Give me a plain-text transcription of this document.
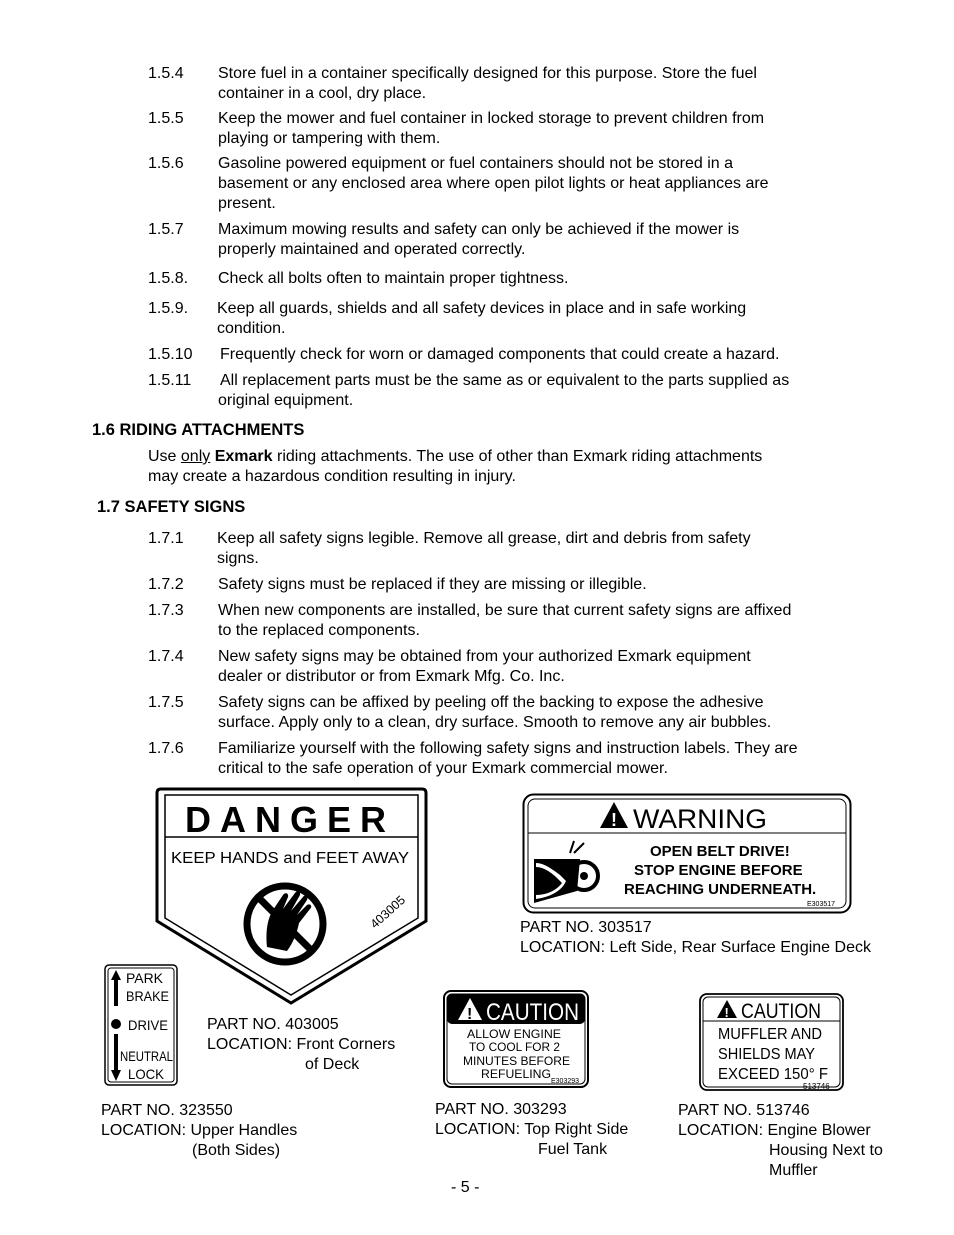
1.5.4 Store fuel in a container specifically designed for this purpose. Store the fuel
container in a cool, dry place.
1.5.5 Keep the mower and fuel container in locked storage to prevent children from
playing or tampering with them.
1.5.6 Gasoline powered equipment or fuel containers should not be stored in a
basement or any enclosed area where open pilot lights or heat appliances are
present.
1.5.7 Maximum mowing results and safety can only be achieved if the mower is
properly maintained and operated correctly.
1.5.8. Check all bolts often to maintain proper tightness.
1.5.9. Keep all guards, shields and all safety devices in place and in safe working
condition.
1.5.10 Frequently check for worn or damaged components that could create a hazard.
1.5.11 All replacement parts must be the same as or equivalent to the parts supplied as
original equipment.
1.6 RIDING ATTACHMENTS
Use only Exmark riding attachments. The use of other than Exmark riding attachments
may create a hazardous condition resulting in injury.
1.7 SAFETY SIGNS
1.7.1 Keep all safety signs legible. Remove all grease, dirt and debris from safety
signs.
1.7.2 Safety signs must be replaced if they are missing or illegible.
1.7.3 When new components are installed, be sure that current safety signs are affixed
to the replaced components.
1.7.4 New safety signs may be obtained from your authorized Exmark equipment
dealer or distributor or from Exmark Mfg. Co. Inc.
1.7.5 Safety signs can be affixed by peeling off the backing to expose the adhesive
surface. Apply only to a clean, dry surface. Smooth to remove any air bubbles.
1.7.6 Familiarize yourself with the following safety signs and instruction labels. They are
critical to the safe operation of your Exmark commercial mower.
DANGER
KEEP HANDS and FEET AWAY
403005
! WARNING
OPEN BELT DRIVE!
STOP ENGINE BEFORE
REACHING UNDERNEATH.
E303517
PARK
BRAKE
DRIVE
NEUTRAL
LOCK
! CAUTION
ALLOW ENGINE
TO COOL FOR 2
MINUTES BEFORE
REFUELING
E303293
! CAUTION
MUFFLER AND
SHIELDS MAY
EXCEED 150° F
513746
PART NO. 303517
LOCATION: Left Side, Rear Surface Engine Deck
PART NO. 403005
LOCATION: Front Corners
of Deck
PART NO. 323550
LOCATION: Upper Handles
(Both Sides)
PART NO. 303293
LOCATION: Top Right Side
Fuel Tank
PART NO. 513746
LOCATION: Engine Blower
Housing Next to
Muffler
- 5 -
